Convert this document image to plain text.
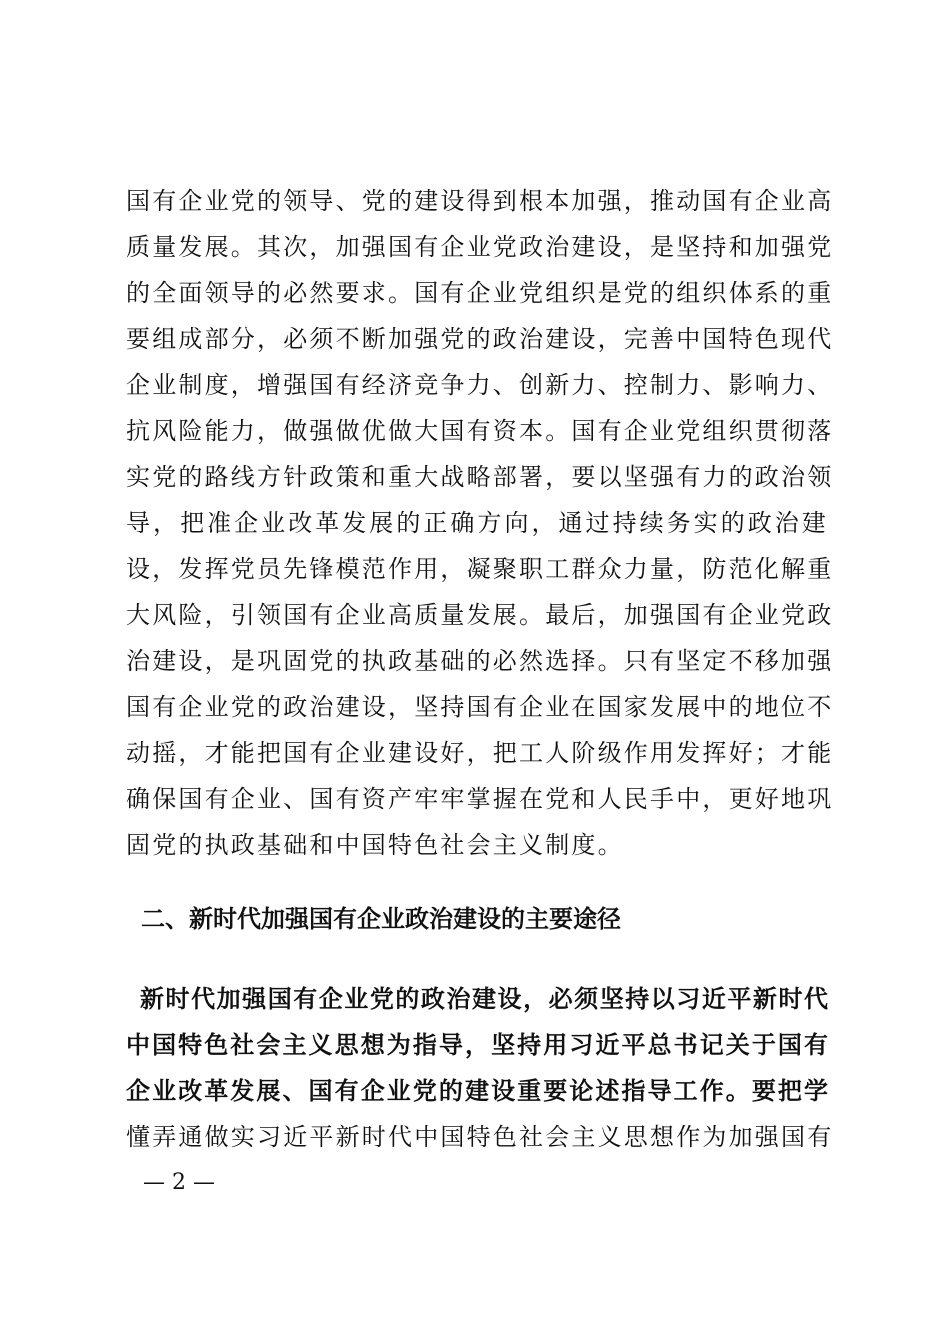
国有企业党的领导、党的建设得到根本加强，推动国有企业高
质量发展。其次，加强国有企业党政治建设，是坚持和加强党
的全面领导的必然要求。国有企业党组织是党的组织体系的重
要组成部分，必须不断加强党的政治建设，完善中国特色现代
企业制度，增强国有经济竞争力、创新力、控制力、影响力、
抗风险能力，做强做优做大国有资本。国有企业党组织贯彻落
实党的路线方针政策和重大战略部署，要以坚强有力的政治领
导，把准企业改革发展的正确方向，通过持续务实的政治建
设，发挥党员先锋模范作用，凝聚职工群众力量，防范化解重
大风险，引领国有企业高质量发展。最后，加强国有企业党政
治建设，是巩固党的执政基础的必然选择。只有坚定不移加强
国有企业党的政治建设，坚持国有企业在国家发展中的地位不
动摇，才能把国有企业建设好，把工人阶级作用发挥好；才能
确保国有企业、国有资产牢牢掌握在党和人民手中，更好地巩
固党的执政基础和中国特色社会主义制度。
二、新时代加强国有企业政治建设的主要途径
新时代加强国有企业党的政治建设，必须坚持以习近平新时代
中国特色社会主义思想为指导，坚持用习近平总书记关于国有
企业改革发展、国有企业党的建设重要论述指导工作。要把学
懂弄通做实习近平新时代中国特色社会主义思想作为加强国有
— 2 —
